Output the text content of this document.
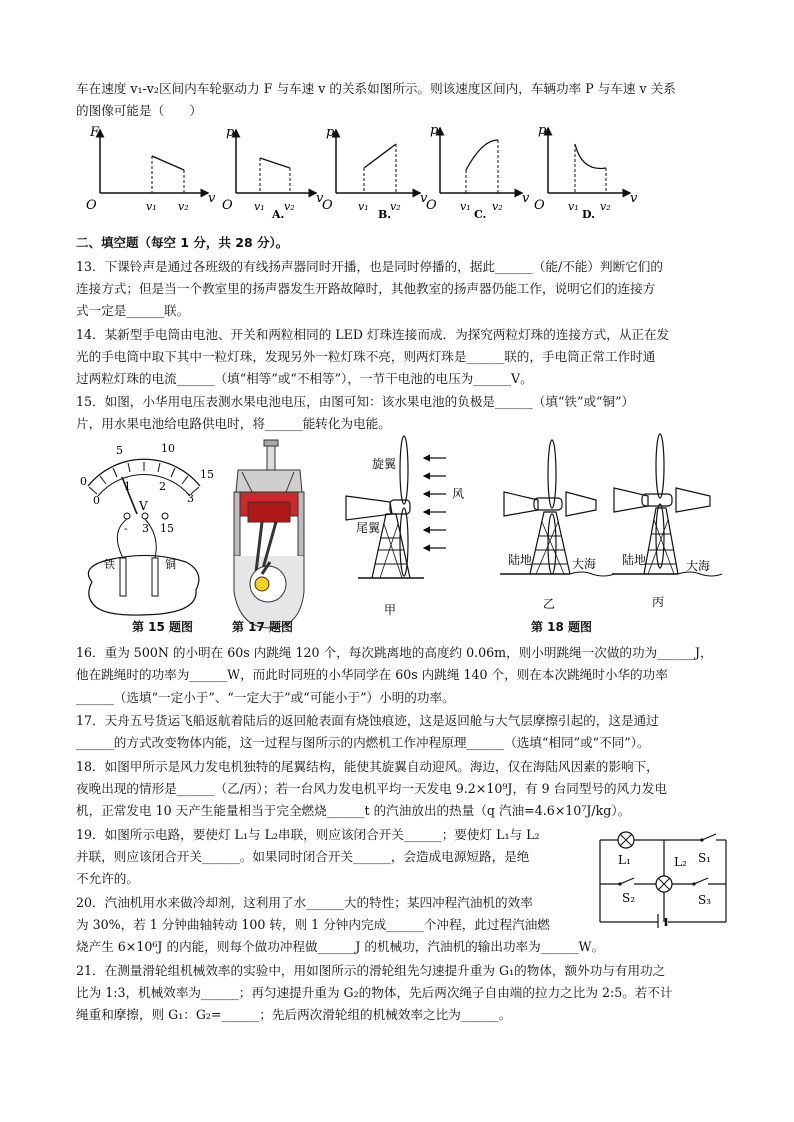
车在速度 v₁-v₂区间内车轮驱动力 F 与车速 v 的关系如图所示。则该速度区间内，车辆功率 P 与车速 v 关系

的图像可能是（　　）

F
O	v₁ v₂
v
p
O v₁ v₂
v
A.
p
O v₁ v₂
v
B.
p
O v₁ v₂
v
C.
p
O v₁ v₂
v
D.

二、填空题（每空 1 分，共 28 分）。

13．下课铃声是通过各班级的有线扬声器同时开播，也是同时停播的，据此______（能/不能）判断它们的

连接方式；但是当一个教室里的扬声器发生开路故障时，其他教室的扬声器仍能工作，说明它们的连接方

式一定是______联。

14．某新型手电筒由电池、开关和两粒相同的 LED 灯珠连接而成．为探究两粒灯珠的连接方式，从正在发

光的手电筒中取下其中一粒灯珠，发现另外一粒灯珠不亮，则两灯珠是______联的，手电筒正常工作时通

过两粒灯珠的电流______（填“相等”或“不相等”），一节干电池的电压为______V。

15．如图，小华用电压表测水果电池电压，由图可知：该水果电池的负极是______（填“铁”或“铜”）

片，用水果电池给电路供电时，将______能转化为电能。

0
5	10
15
0
1	2
3
V
- 3 15
铁	铜
旋翼
尾翼
风
甲
陆地	大海
乙
陆地	大海
丙
第 15 题图	第 17 题图	第 18 题图

16．重为 500N 的小明在 60s 内跳绳 120 个，每次跳离地的高度约 0.06m，则小明跳绳一次做的功为______J，

他在跳绳时的功率为______W，而此时同班的小华同学在 60s 内跳绳 140 个，则在本次跳绳时小华的功率

______（选填“一定小于”、“一定大于”或“可能小于”）小明的功率。

17．天舟五号货运飞船返航着陆后的返回舱表面有烧蚀痕迹，这是返回舱与大气层摩擦引起的，这是通过

______的方式改变物体内能，这一过程与图所示的内燃机工作冲程原理______（选填“相同”或“不同”）。

18．如图甲所示是风力发电机独特的尾翼结构，能使其旋翼自动迎风。海边，仅在海陆风因素的影响下，

夜晚出现的情形是______（乙/丙）；若一台风力发电机平均一天发电 9.2×10⁹J，有 9 台同型号的风力发电

机，正常发电 10 天产生能量相当于完全燃烧______t 的汽油放出的热量（q 汽油=4.6×10⁷J/kg）。

19．如图所示电路，要使灯 L₁与 L₂串联，则应该闭合开关______；要使灯 L₁与 L₂

并联，则应该闭合开关______。如果同时闭合开关______，会造成电源短路，是绝

不允许的。

L₁	L₂ S₁
S₂	S₃

20．汽油机用水来做冷却剂，这利用了水______大的特性；某四冲程汽油机的效率

为 30%，若 1 分钟曲轴转动 100 转，则 1 分钟内完成______个冲程，此过程汽油燃

烧产生 6×10⁶J 的内能，则每个做功冲程做______J 的机械功，汽油机的输出功率为______W。

21．在测量滑轮组机械效率的实验中，用如图所示的滑轮组先匀速提升重为 G₁的物体，额外功与有用功之

比为 1:3，机械效率为______；再匀速提升重为 G₂的物体，先后两次绳子自由端的拉力之比为 2:5。若不计

绳重和摩擦，则 G₁：G₂=______；先后两次滑轮组的机械效率之比为______。
